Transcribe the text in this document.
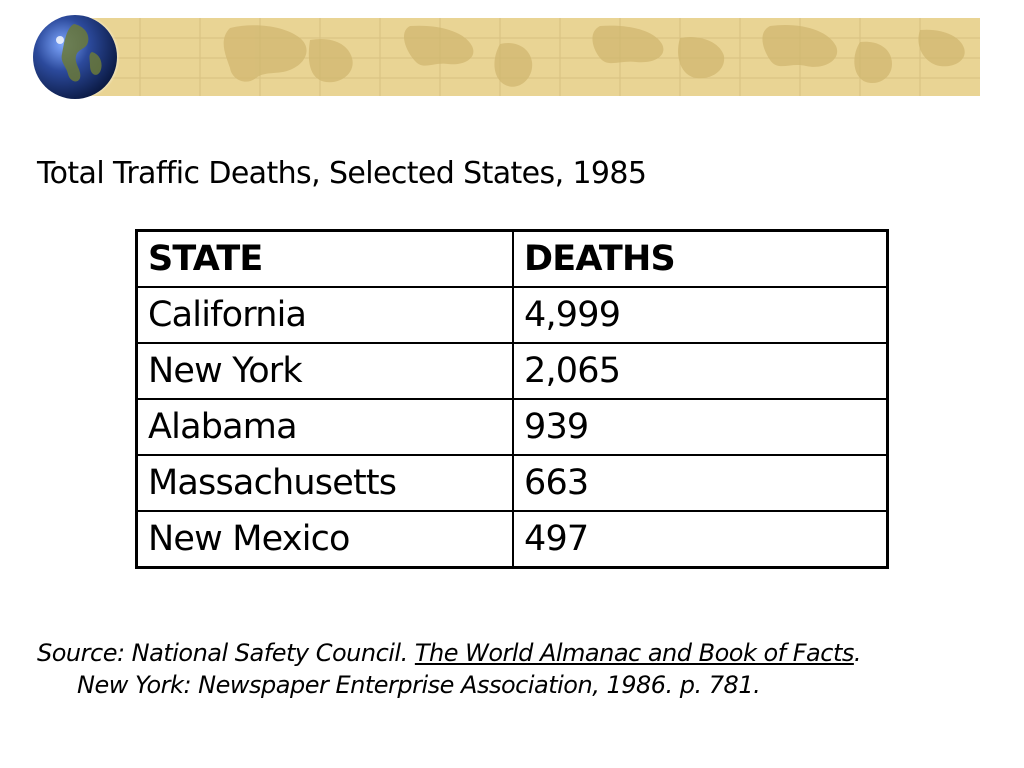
Total Traffic Deaths, Selected States, 1985
STATE	DEATHS
California	4,999
New York	2,065
Alabama	939
Massachusetts	663
New Mexico	497
Source: National Safety Council. The World Almanac and Book of Facts.
New York: Newspaper Enterprise Association, 1986. p. 781.
